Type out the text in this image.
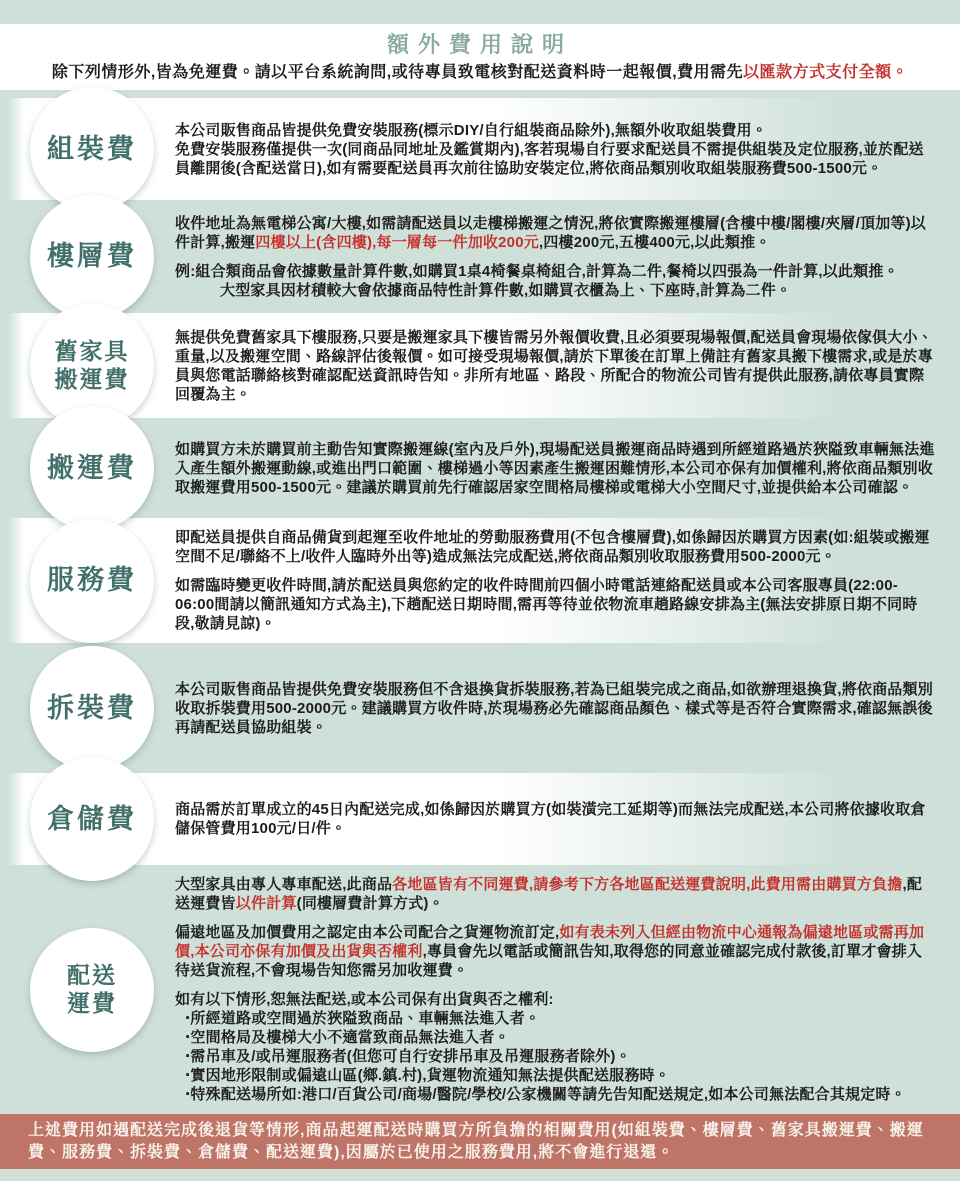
額外費用說明

除下列情形外,皆為免運費。請以平台系統詢問,或待專員致電核對配送資料時一起報價,費用需先以匯款方式支付全額。

組裝費

本公司販售商品皆提供免費安裝服務(標示DIY/自行組裝商品除外),無額外收取組裝費用。

免費安裝服務僅提供一次(同商品同地址及鑑賞期內),客若現場自行要求配送員不需提供組裝及定位服務,並於配送員離開後(含配送當日),如有需要配送員再次前往協助安裝定位,將依商品類別收取組裝服務費500-1500元。

樓層費

收件地址為無電梯公寓/大樓,如需請配送員以走樓梯搬運之情況,將依實際搬運樓層(含樓中樓/閣樓/夾層/頂加等)以件計算,搬運四樓以上(含四樓),每一層每一件加收200元,四樓200元,五樓400元,以此類推。

例:組合類商品會依據數量計算件數,如購買1桌4椅餐桌椅組合,計算為二件,餐椅以四張為一件計算,以此類推。

大型家具因材積較大會依據商品特性計算件數,如購買衣櫃為上、下座時,計算為二件。

舊家具
搬運費

無提供免費舊家具下樓服務,只要是搬運家具下樓皆需另外報價收費,且必須要現場報價,配送員會現場依傢俱大小、重量,以及搬運空間、路線評估後報價。如可接受現場報價,請於下單後在訂單上備註有舊家具搬下樓需求,或是於專員與您電話聯絡核對確認配送資訊時告知。非所有地區、路段、所配合的物流公司皆有提供此服務,請依專員實際回覆為主。

搬運費

如購買方未於購買前主動告知實際搬運線(室內及戶外),現場配送員搬運商品時遇到所經道路過於狹隘致車輛無法進入產生額外搬運動線,或進出門口範圍、樓梯過小等因素產生搬運困難情形,本公司亦保有加價權利,將依商品類別收取搬運費用500-1500元。建議於購買前先行確認居家空間格局樓梯或電梯大小空間尺寸,並提供給本公司確認。

服務費

即配送員提供自商品備貨到起運至收件地址的勞動服務費用(不包含樓層費),如係歸因於購買方因素(如:組裝或搬運空間不足/聯絡不上/收件人臨時外出等)造成無法完成配送,將依商品類別收取服務費用500-2000元。

如需臨時變更收件時間,請於配送員與您約定的收件時間前四個小時電話連絡配送員或本公司客服專員(22:00-06:00間請以簡訊通知方式為主),下趟配送日期時間,需再等待並依物流車趟路線安排為主(無法安排原日期不同時段,敬請見諒)。

拆裝費

本公司販售商品皆提供免費安裝服務但不含退換貨拆裝服務,若為已組裝完成之商品,如欲辦理退換貨,將依商品類別收取拆裝費用500-2000元。建議購買方收件時,於現場務必先確認商品顏色、樣式等是否符合實際需求,確認無誤後再請配送員協助組裝。

倉儲費	商品需於訂單成立的45日內配送完成,如係歸因於購買方(如裝潢完工延期等)而無法完成配送,本公司將依據收取倉儲保管費用100元/日/件。

配送
運費

大型家具由專人專車配送,此商品各地區皆有不同運費,請參考下方各地區配送運費說明,此費用需由購買方負擔,配送運費皆以件計算(同樓層費計算方式)。

偏遠地區及加價費用之認定由本公司配合之貨運物流訂定,如有表未列入但經由物流中心通報為偏遠地區或需再加價,本公司亦保有加價及出貨與否權利,專員會先以電話或簡訊告知,取得您的同意並確認完成付款後,訂單才會排入待送貨流程,不會現場告知您需另加收運費。

如有以下情形,恕無法配送,或本公司保有出貨與否之權利:

‧所經道路或空間過於狹隘致商品、車輛無法進入者。

‧空間格局及樓梯大小不適當致商品無法進入者。

‧需吊車及/或吊運服務者(但您可自行安排吊車及吊運服務者除外)。

‧實因地形限制或偏遠山區(鄉.鎮.村),貨運物流通知無法提供配送服務時。

‧特殊配送場所如:港口/百貨公司/商場/醫院/學校/公家機關等請先告知配送規定,如本公司無法配合其規定時。

上述費用如遇配送完成後退貨等情形,商品起運配送時購買方所負擔的相關費用(如組裝費、樓層費、舊家具搬運費、搬運費、服務費、拆裝費、倉儲費、配送運費),因屬於已使用之服務費用,將不會進行退還。
